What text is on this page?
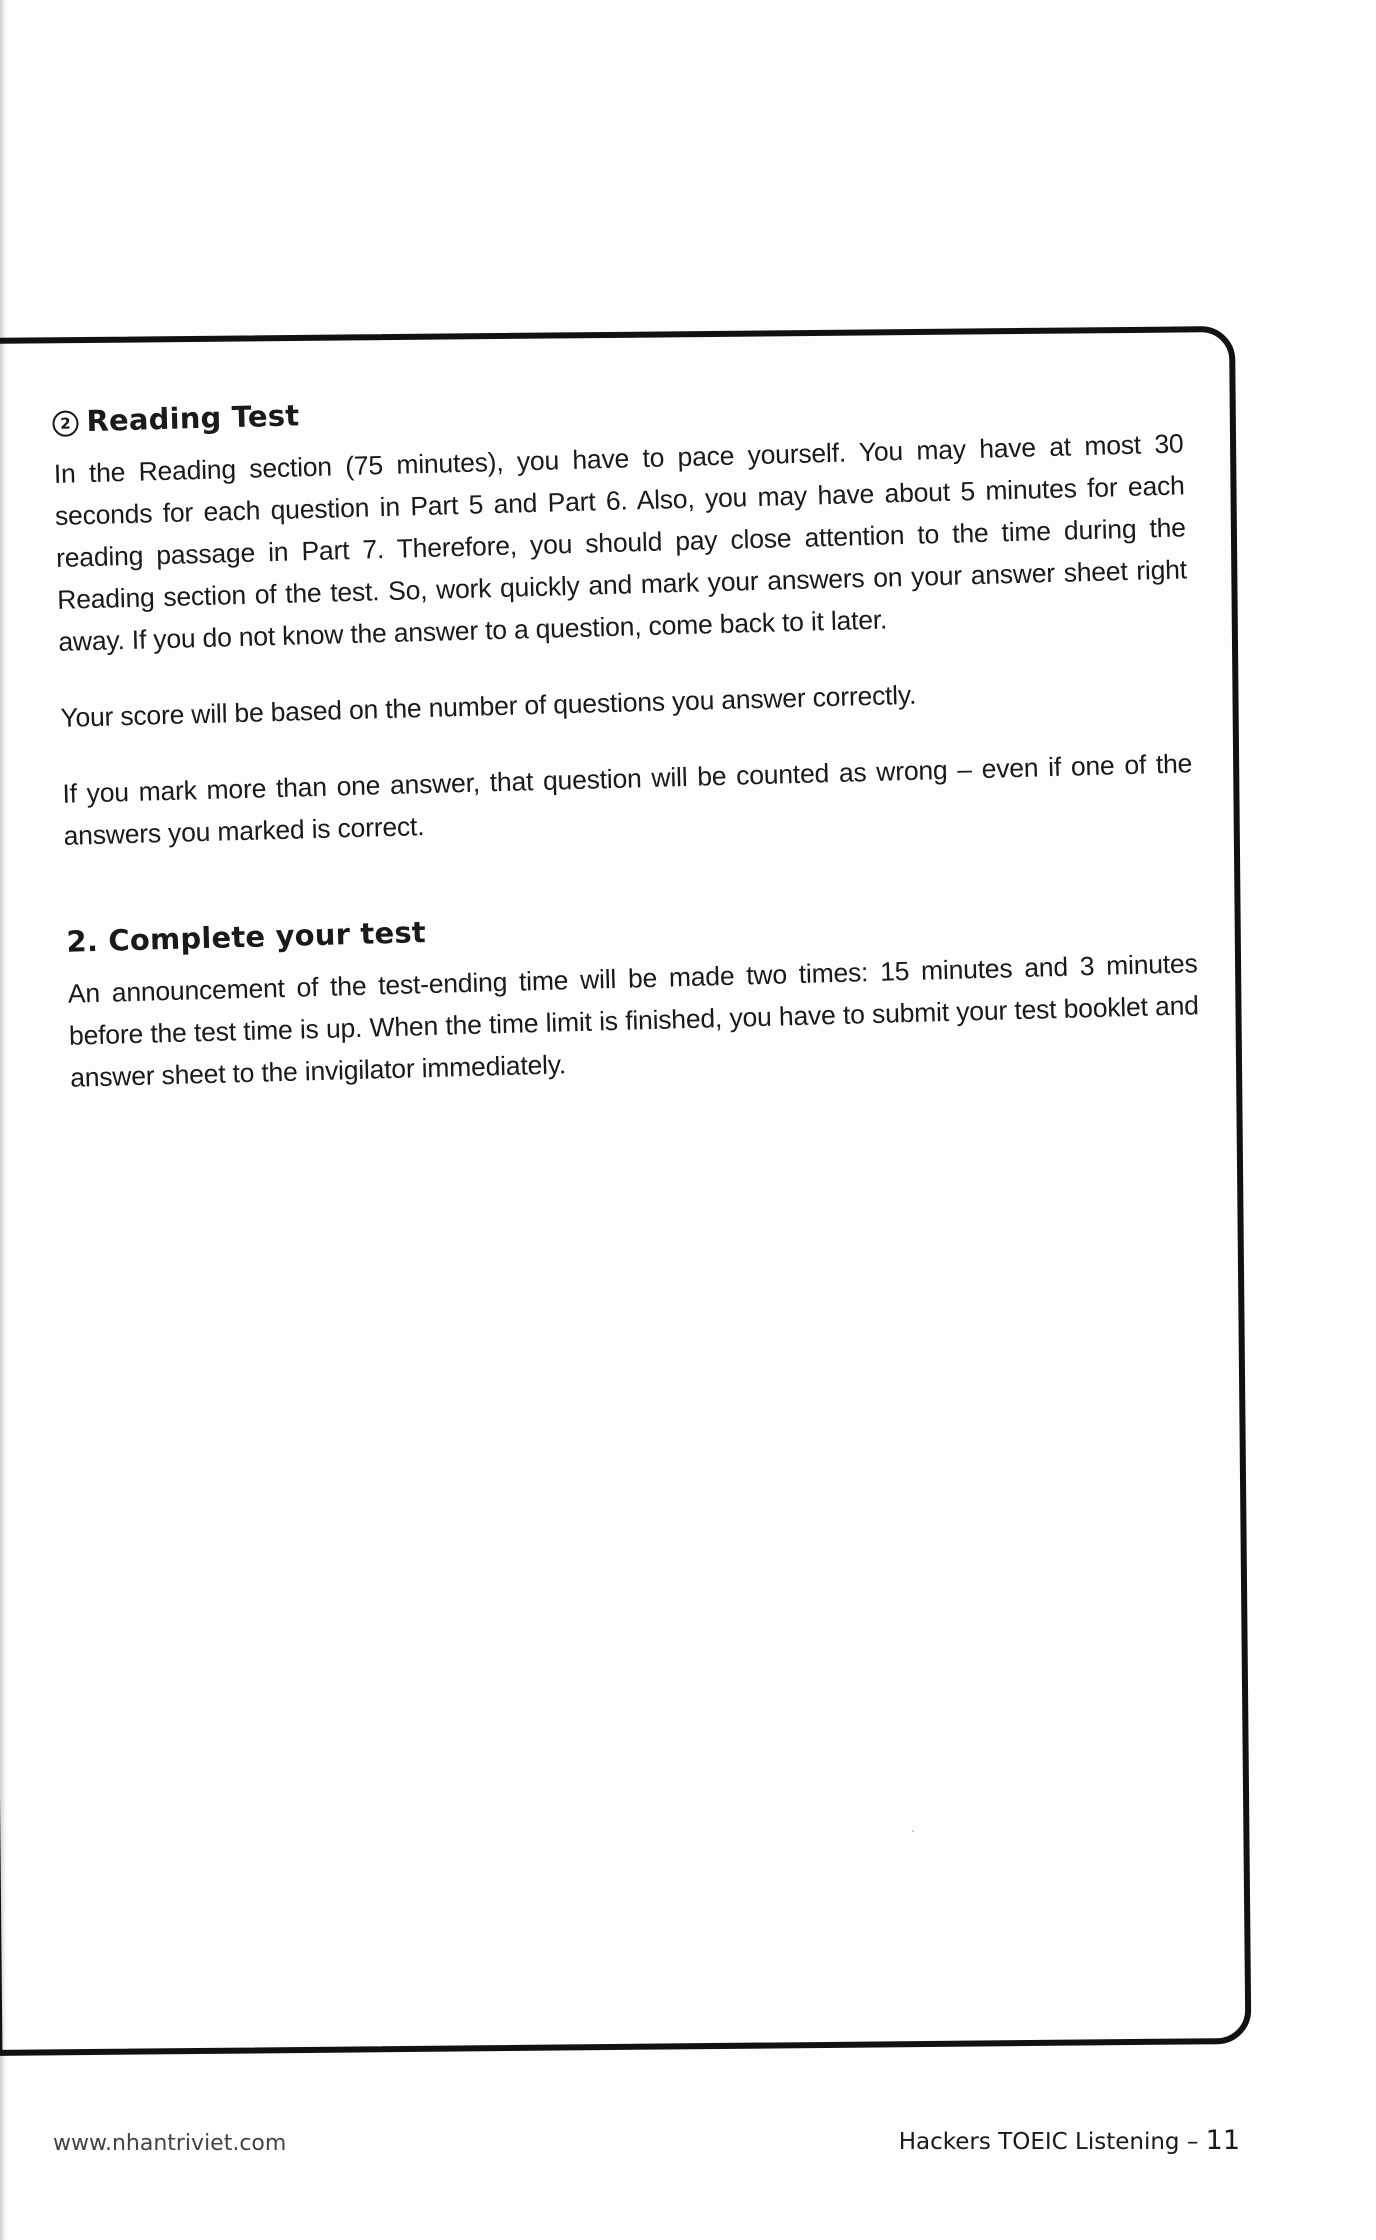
2 Reading Test

In the Reading section (75 minutes), you have to pace yourself. You may have at most 30 seconds for each question in Part 5 and Part 6. Also, you may have about 5 minutes for each reading passage in Part 7. Therefore, you should pay close attention to the time during the Reading section of the test. So, work quickly and mark your answers on your answer sheet right away. If you do not know the answer to a question, come back to it later.

Your score will be based on the number of questions you answer correctly.

If you mark more than one answer, that question will be counted as wrong – even if one of the answers you marked is correct.

2. Complete your test

An announcement of the test-ending time will be made two times: 15 minutes and 3 minutes before the test time is up. When the time limit is finished, you have to submit your test booklet and answer sheet to the invigilator immediately.

www.nhantriviet.com	Hackers TOEIC Listening – 11
